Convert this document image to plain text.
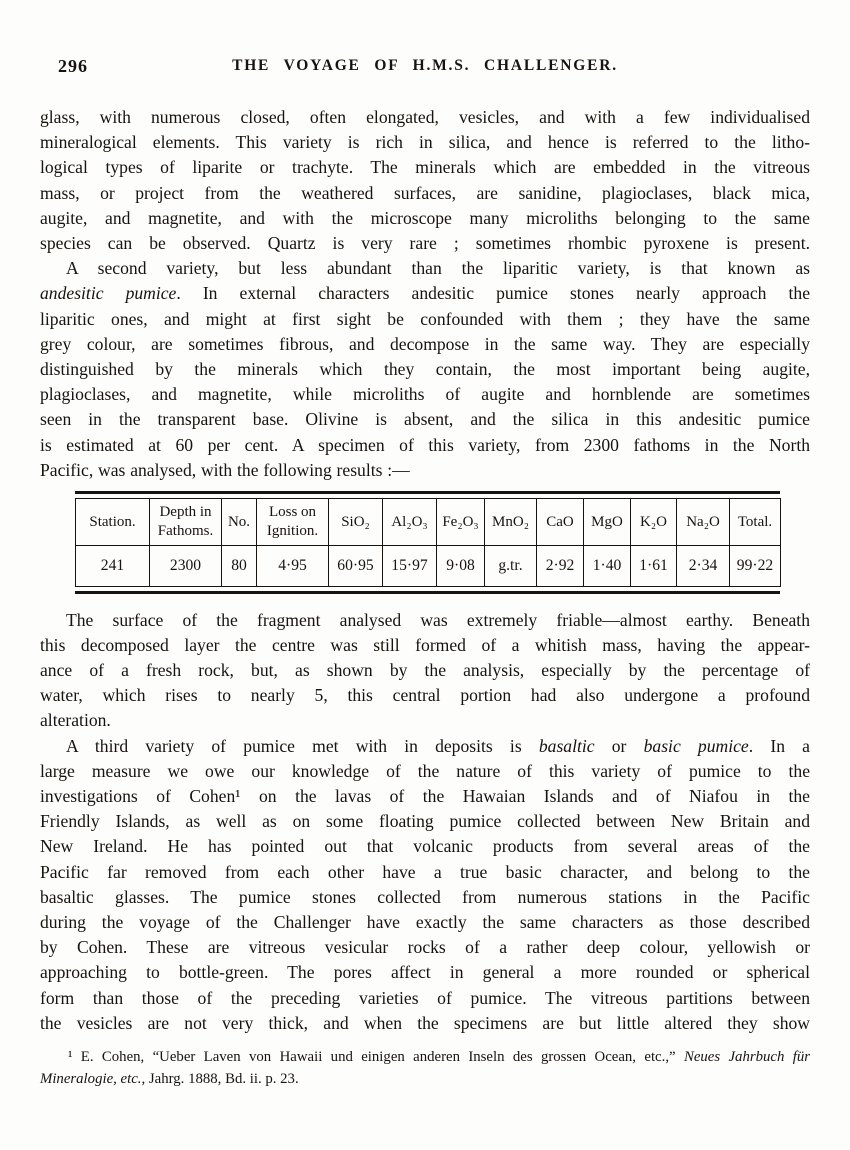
296	THE VOYAGE OF H.M.S. CHALLENGER.
glass, with numerous closed, often elongated, vesicles, and with a few individualised
mineralogical elements. This variety is rich in silica, and hence is referred to the litho-
logical types of liparite or trachyte. The minerals which are embedded in the vitreous
mass, or project from the weathered surfaces, are sanidine, plagioclases, black mica,
augite, and magnetite, and with the microscope many microliths belonging to the same
species can be observed. Quartz is very rare ; sometimes rhombic pyroxene is present.
A second variety, but less abundant than the liparitic variety, is that known as
andesitic pumice. In external characters andesitic pumice stones nearly approach the
liparitic ones, and might at first sight be confounded with them ; they have the same
grey colour, are sometimes fibrous, and decompose in the same way. They are especially
distinguished by the minerals which they contain, the most important being augite,
plagioclases, and magnetite, while microliths of augite and hornblende are sometimes
seen in the transparent base. Olivine is absent, and the silica in this andesitic pumice
is estimated at 60 per cent. A specimen of this variety, from 2300 fathoms in the North
Pacific, was analysed, with the following results :—
Station.	Depth in Fathoms.	No.	Loss on Ignition.	SiO₂	Al₂O₃	Fe₂O₃	MnO₂	CaO	MgO	K₂O	Na₂O	Total.
241	2300	80	4·95	60·95	15·97	9·08	g.tr.	2·92	1·40	1·61	2·34	99·22
The surface of the fragment analysed was extremely friable—almost earthy. Beneath
this decomposed layer the centre was still formed of a whitish mass, having the appear-
ance of a fresh rock, but, as shown by the analysis, especially by the percentage of
water, which rises to nearly 5, this central portion had also undergone a profound
alteration.
A third variety of pumice met with in deposits is basaltic or basic pumice. In a
large measure we owe our knowledge of the nature of this variety of pumice to the
investigations of Cohen¹ on the lavas of the Hawaian Islands and of Niafou in the
Friendly Islands, as well as on some floating pumice collected between New Britain and
New Ireland. He has pointed out that volcanic products from several areas of the
Pacific far removed from each other have a true basic character, and belong to the
basaltic glasses. The pumice stones collected from numerous stations in the Pacific
during the voyage of the Challenger have exactly the same characters as those described
by Cohen. These are vitreous vesicular rocks of a rather deep colour, yellowish or
approaching to bottle-green. The pores affect in general a more rounded or spherical
form than those of the preceding varieties of pumice. The vitreous partitions between
the vesicles are not very thick, and when the specimens are but little altered they show
¹ E. Cohen, “Ueber Laven von Hawaii und einigen anderen Inseln des grossen Ocean, etc.,” Neues Jahrbuch für
Mineralogie, etc., Jahrg. 1888, Bd. ii. p. 23.
